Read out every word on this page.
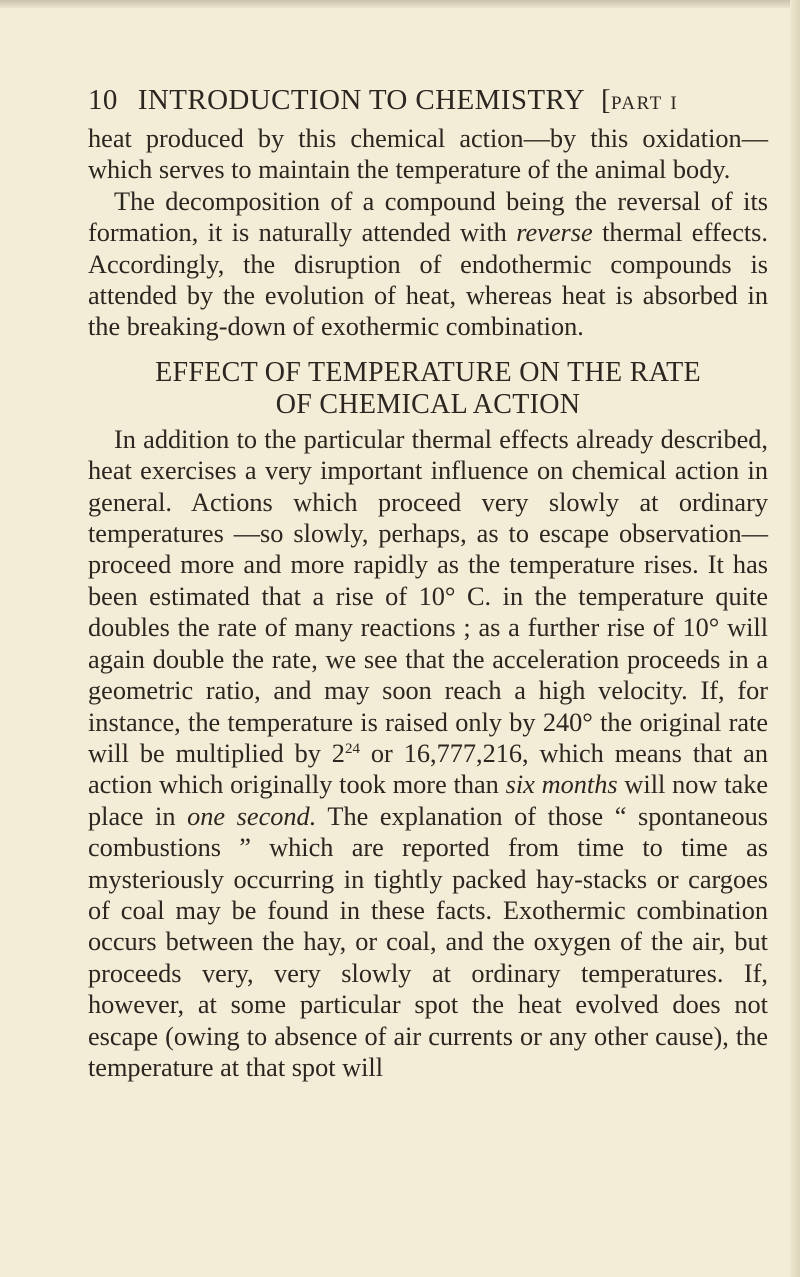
10 INTRODUCTION TO CHEMISTRY [PART I

heat produced by this chemical action—by this oxidation—which serves to maintain the temperature of the animal body.

The decomposition of a compound being the reversal of its formation, it is naturally attended with reverse thermal effects. Accordingly, the disruption of endothermic compounds is attended by the evolution of heat, whereas heat is absorbed in the breaking-down of exothermic combination.

EFFECT OF TEMPERATURE ON THE RATE
OF CHEMICAL ACTION

In addition to the particular thermal effects already described, heat exercises a very important influence on chemical action in general. Actions which proceed very slowly at ordinary temperatures —so slowly, perhaps, as to escape observation— proceed more and more rapidly as the temperature rises. It has been estimated that a rise of 10° C. in the temperature quite doubles the rate of many reactions ; as a further rise of 10° will again double the rate, we see that the acceleration proceeds in a geometric ratio, and may soon reach a high velocity. If, for instance, the temperature is raised only by 240° the original rate will be multiplied by $2^{24}$ or 16,777,216, which means that an action which originally took more than six months will now take place in one second. The explanation of those “ spontaneous combustions ” which are reported from time to time as mysteriously occurring in tightly packed hay-stacks or cargoes of coal may be found in these facts. Exothermic combination occurs between the hay, or coal, and the oxygen of the air, but proceeds very, very slowly at ordinary temperatures. If, however, at some particular spot the heat evolved does not escape (owing to absence of air currents or any other cause), the temperature at that spot will
